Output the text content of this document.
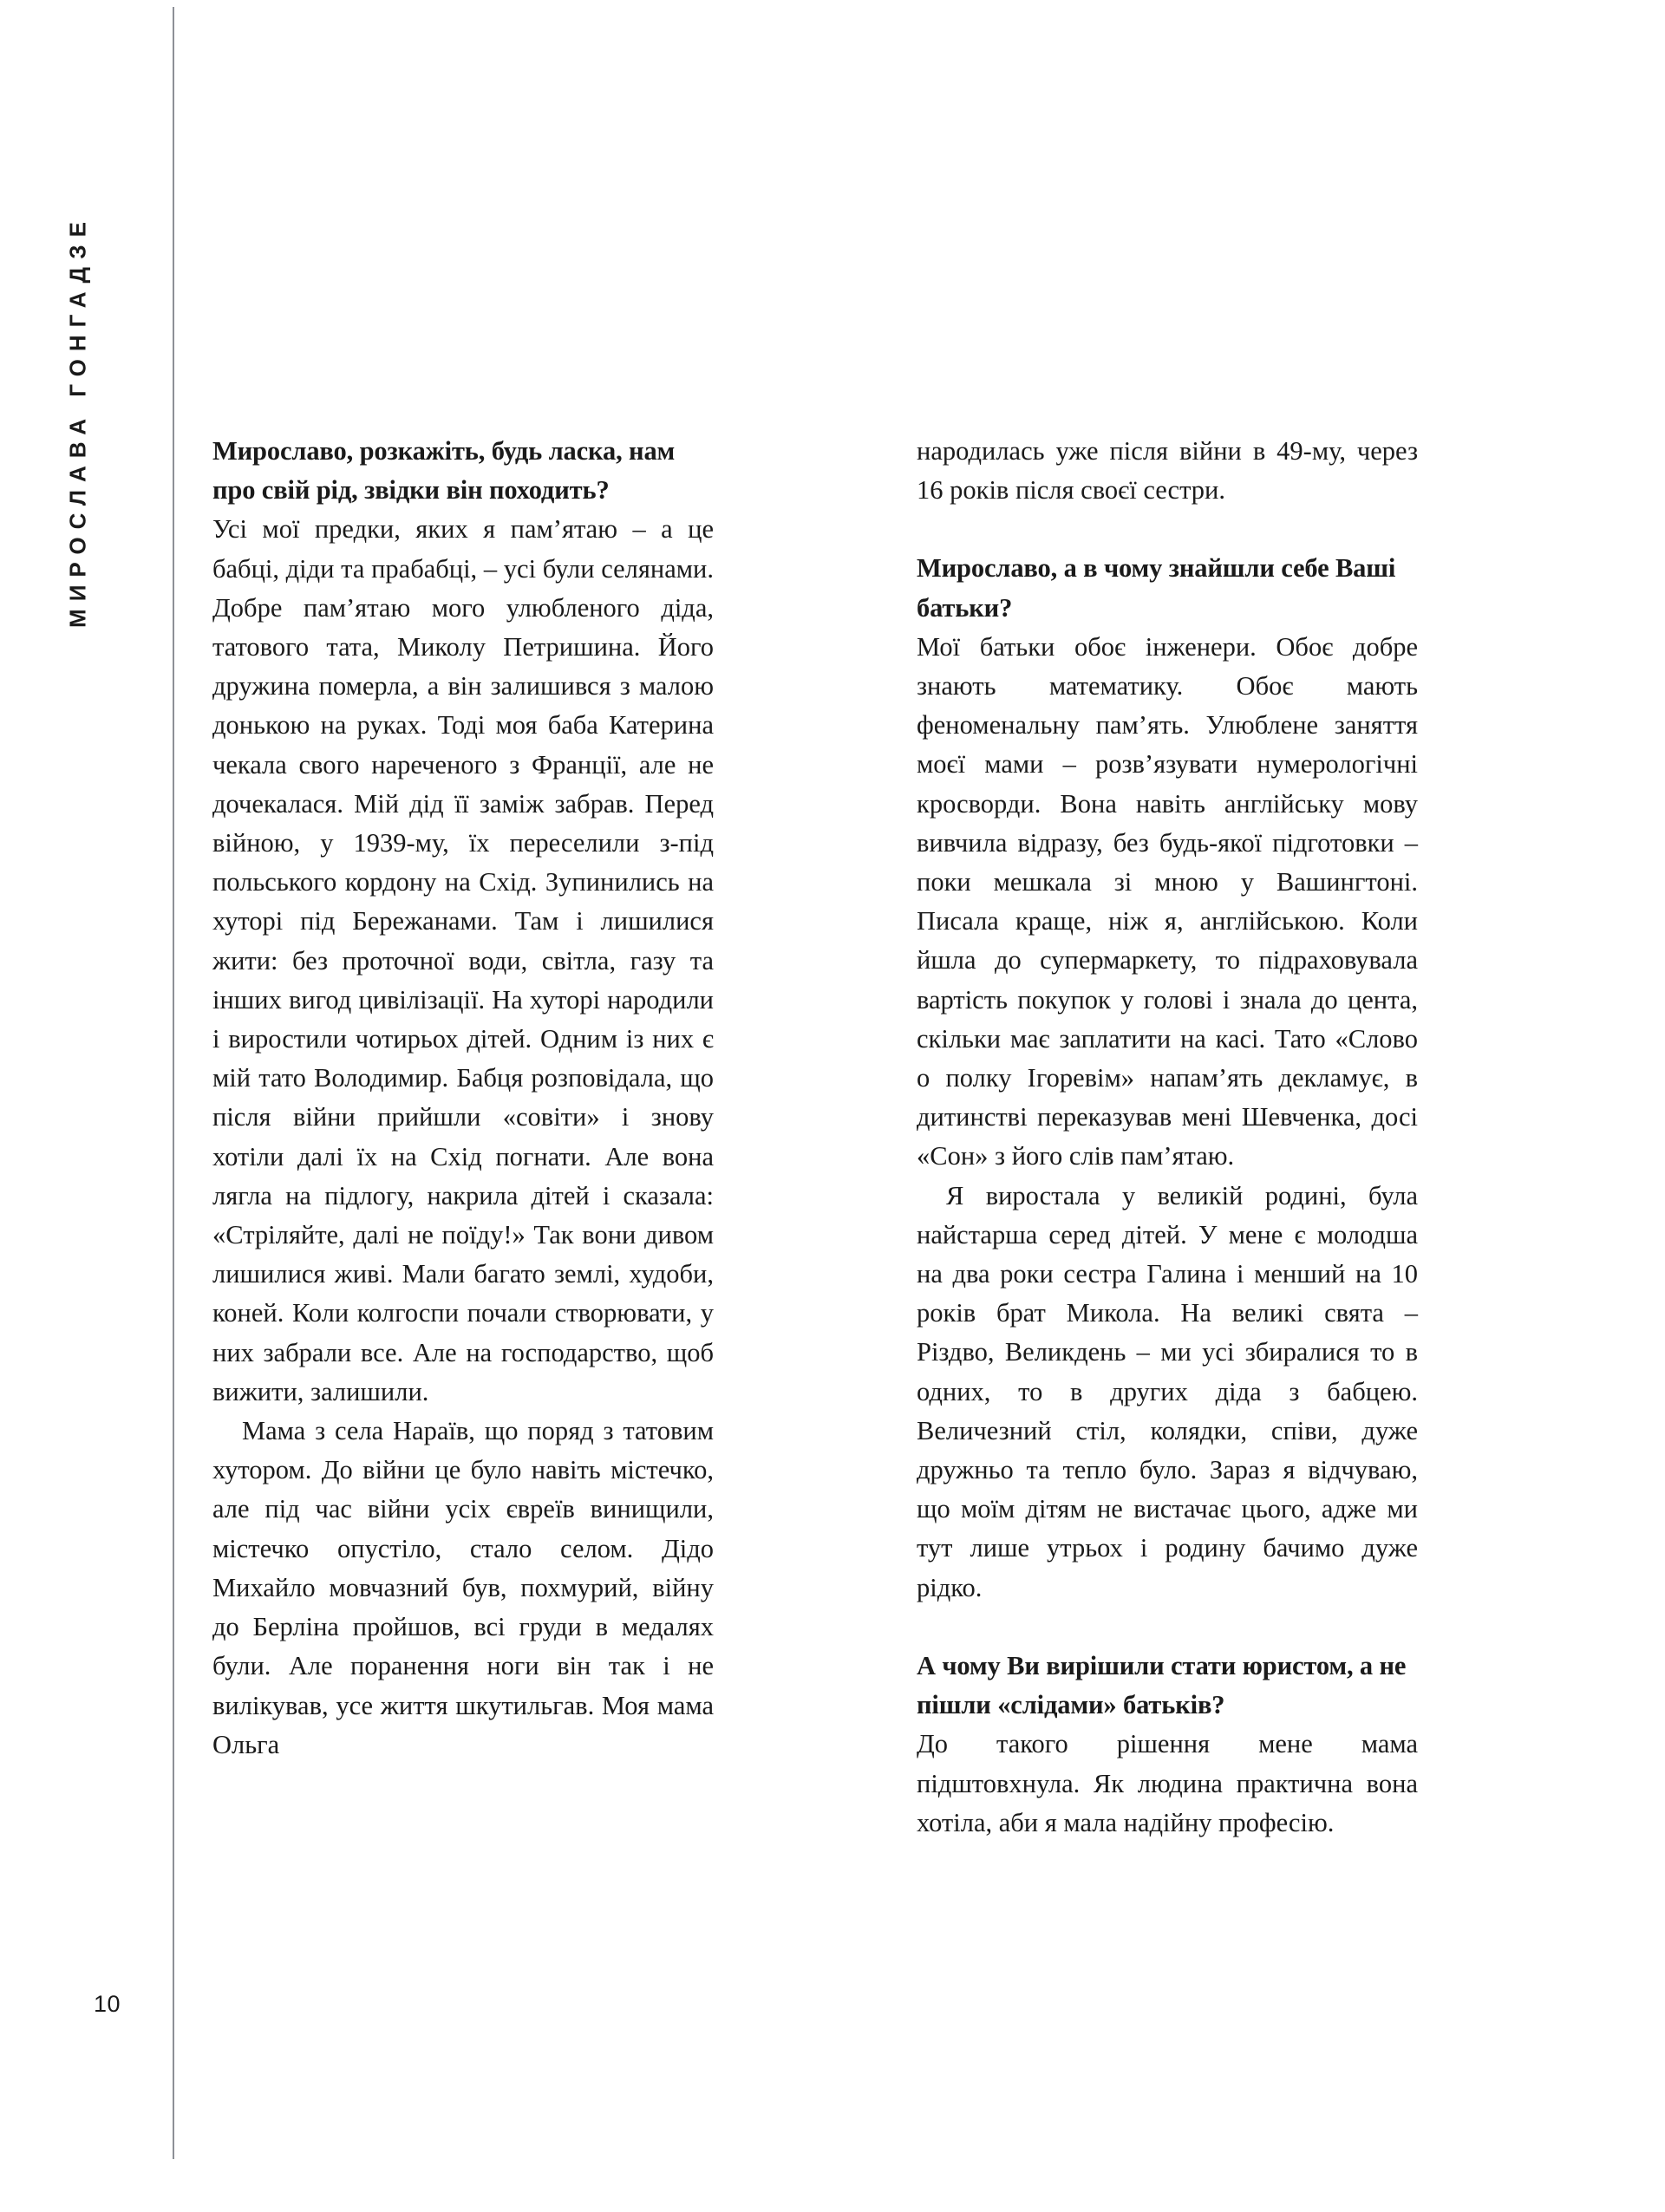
МИРОСЛАВА ГОНГАДЗЕ
10

Мирославо, розкажіть, будь ласка, нам про свій рід, звідки він походить?

Усі мої предки, яких я пам’ятаю – а це бабці, діди та прабабці, – усі були селянами. Добре пам’ятаю мого улюбленого діда, татового тата, Миколу Петришина. Його дружина померла, а він залишився з малою донькою на руках. Тоді моя баба Катерина чекала свого нареченого з Франції, але не дочекалася. Мій дід її заміж забрав. Перед війною, у 1939-му, їх переселили з-під польського кордону на Схід. Зупинились на хуторі під Бережанами. Там і лишилися жити: без проточної води, світла, газу та інших вигод цивілізації. На хуторі народили і виростили чотирьох дітей. Одним із них є мій тато Володимир. Бабця розповідала, що після війни прийшли «совіти» і знову хотіли далі їх на Схід погнати. Але вона лягла на підлогу, накрила дітей і сказала: «Стріляйте, далі не поїду!» Так вони дивом лишилися живі. Мали багато землі, худоби, коней. Коли колгоспи почали створювати, у них забрали все. Але на господарство, щоб вижити, залишили.

Мама з села Нараїв, що поряд з татовим хутором. До війни це було навіть містечко, але під час війни усіх євреїв винищили, містечко опустіло, стало селом. Дідо Михайло мовчазний був, похмурий, війну до Берліна пройшов, всі груди в медалях були. Але поранення ноги він так і не вилікував, усе життя шкутильгав. Моя мама Ольга

народилась уже після війни в 49-му, через 16 років після своєї сестри.

Мирославо, а в чому знайшли себе Ваші батьки?

Мої батьки обоє інженери. Обоє добре знають математику. Обоє мають феноменальну пам’ять. Улюблене заняття моєї мами – розв’язувати нумерологічні кросворди. Вона навіть англійську мову вивчила відразу, без будь-якої підготовки – поки мешкала зі мною у Вашингтоні. Писала краще, ніж я, англійською. Коли йшла до супермаркету, то підраховувала вартість покупок у голові і знала до цента, скільки має заплатити на касі. Тато «Слово о полку Ігоревім» напам’ять декламує, в дитинстві переказував мені Шевченка, досі «Сон» з його слів пам’ятаю.

Я виростала у великій родині, була найстарша серед дітей. У мене є молодша на два роки сестра Галина і менший на 10 років брат Микола. На великі свята – Різдво, Великдень – ми усі збиралися то в одних, то в других діда з бабцею. Величезний стіл, колядки, співи, дуже дружньо та тепло було. Зараз я відчуваю, що моїм дітям не вистачає цього, адже ми тут лише утрьох і родину бачимо дуже рідко.

А чому Ви вирішили стати юристом, а не пішли «слідами» батьків?

До такого рішення мене мама підштовхнула. Як людина практична вона хотіла, аби я мала надійну професію.
